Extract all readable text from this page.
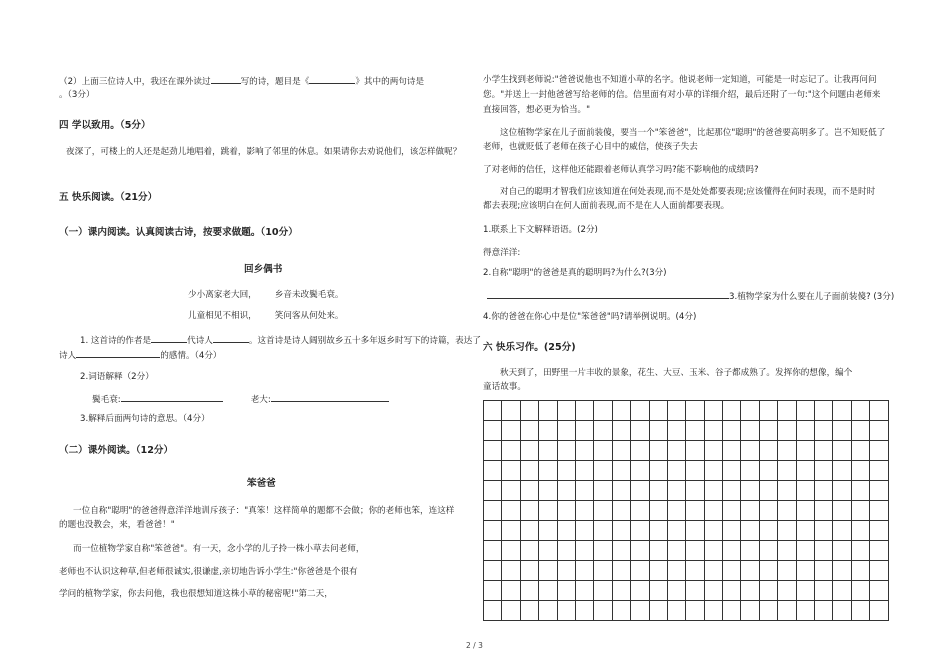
（2）上面三位诗人中，我还在课外读过	写的诗，题目是《	》其中的两句诗是
。（3分）
四 学以致用。（5分）
夜深了，可楼上的人还是起劲儿地唱着，跳着，影响了邻里的休息。如果请你去劝说他们，该怎样做呢？
五 快乐阅读。（21分）
（一）课内阅读。认真阅读古诗，按要求做题。（10分）
回乡偶书
少小离家老大回， 乡音未改鬓毛衰。
儿童相见不相识， 笑问客从何处来。
1. 这首诗的作者是	代诗人	。这首诗是诗人阔别故乡五十多年返乡时写下的诗篇，表达了
诗人	的感情。（4分）
2.词语解释（2分）
鬓毛衰:	老大:
3.解释后面两句诗的意思。（4分）
（二）课外阅读。（12分）
笨爸爸
一位自称"聪明"的爸爸得意洋洋地训斥孩子："真笨！这样简单的题都不会做；你的老师也笨，连这样
的题也没教会，来，看爸爸！"
而一位植物学家自称"笨爸爸"。有一天，念小学的儿子拎一株小草去问老师，
老师也不认识这种草,但老师很诚实,很谦虚,亲切地告诉小学生:"你爸爸是个很有
学问的植物学家，你去问他，我也很想知道这株小草的秘密呢!"第二天，
小学生找到老师说:"爸爸说他也不知道小草的名字。他说老师一定知道，可能是一时忘记了。让我再问问
您。"并送上一封他爸爸写给老师的信。信里面有对小草的详细介绍，最后还附了一句:"这个问题由老师来
直接回答，想必更为恰当。"
这位植物学家在儿子面前装傻，要当一个"笨爸爸"，比起那位"聪明"的爸爸要高明多了。岂不知贬低了
老师，也就贬低了老师在孩子心目中的威信，使孩子失去
了对老师的信任，这样他还能跟着老师认真学习吗?能不影响他的成绩吗?
对自己的聪明才智我们应该知道在何处表现,而不是处处都要表现;应该懂得在何时表现，而不是时时
都去表现;应该明白在何人面前表现,而不是在人人面前都要表现。
1.联系上下文解释语语。(2分)
得意洋洋:
2.自称"聪明"的爸爸是真的聪明吗?为什么?(3分)
3.植物学家为什么要在儿子面前装傻? (3分)
4.你的爸爸在你心中是位"笨爸爸"吗?请举例说明。(4分)
六 快乐习作。(25分)
秋天到了，田野里一片丰收的景象，花生、大豆、玉米、谷子都成熟了。发挥你的想像，编个
童话故事。

2 / 3
